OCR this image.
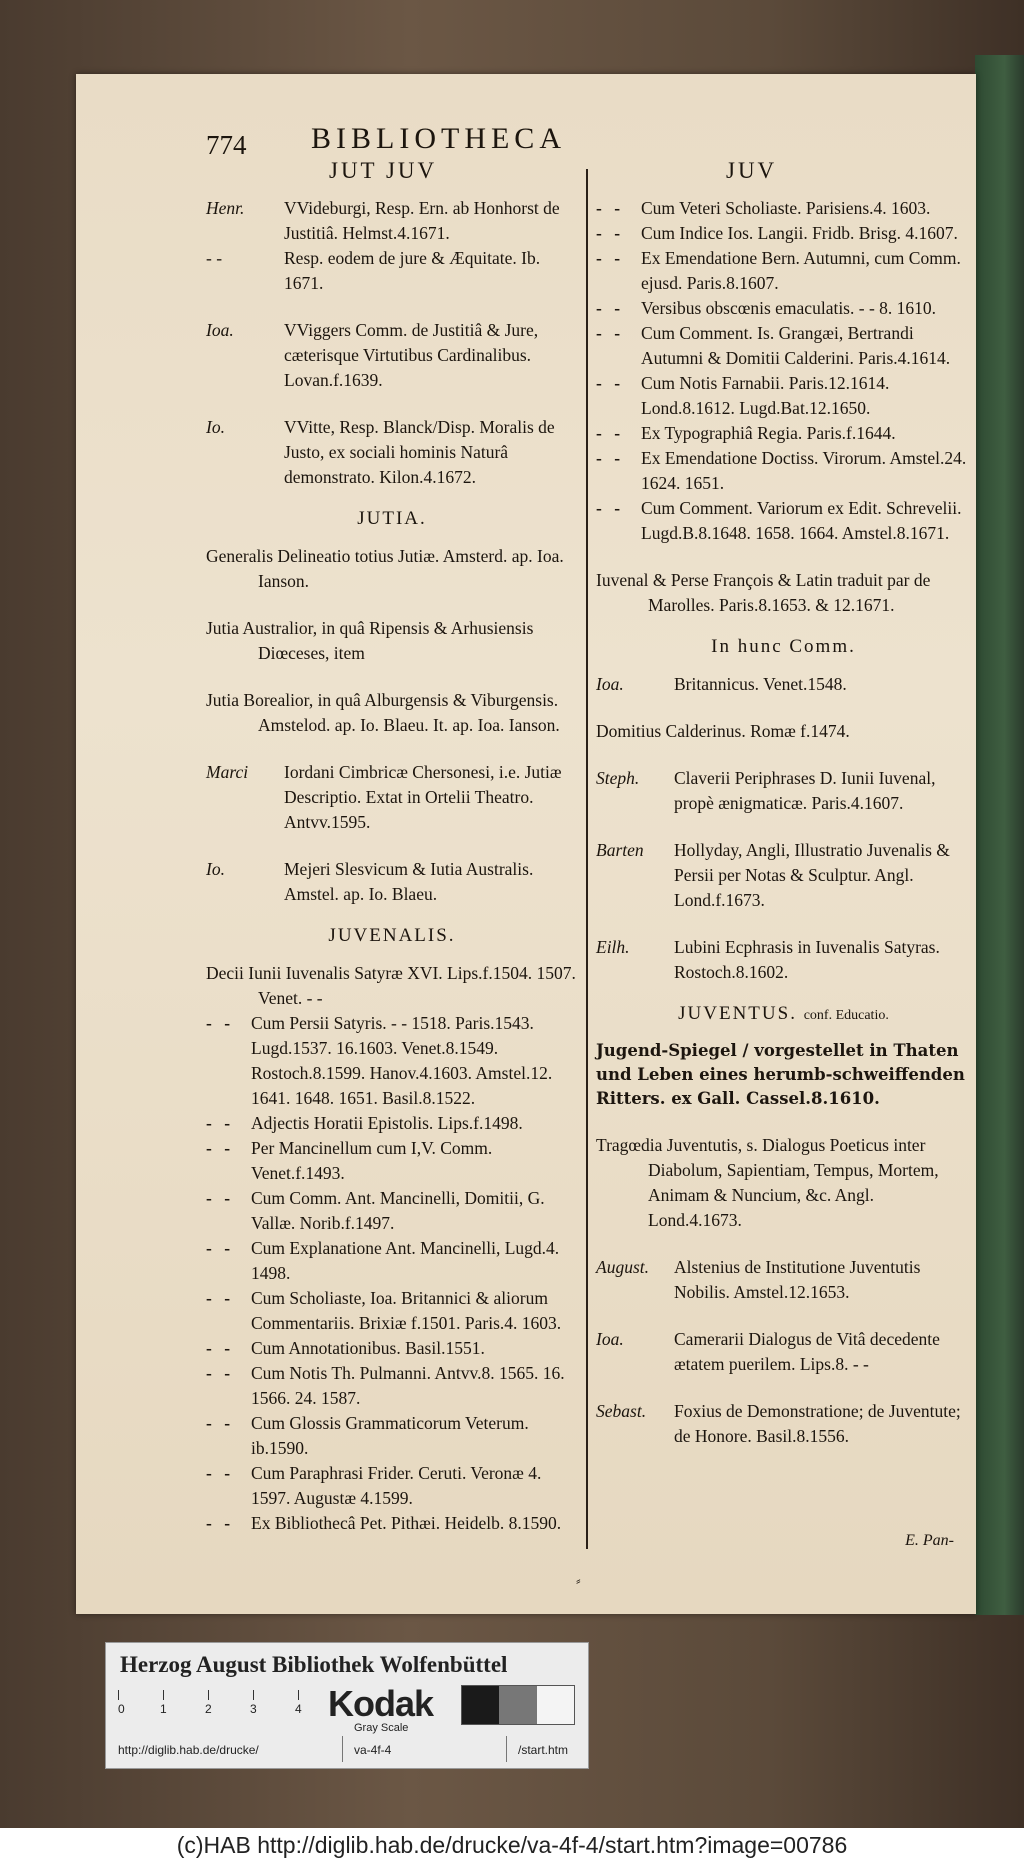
774 BIBLIOTHECA
JUT JUV	JUV
Henr.	VVideburgi, Resp. Ern. ab Honhorst de Justitiâ. Helmst.4.1671.
- -	Resp. eodem de jure & Æquitate. Ib. 1671.
Ioa.	VViggers Comm. de Justitiâ & Jure, cæterisque Virtutibus Cardinalibus. Lovan.f.1639.
Io.	VVitte, Resp. Blanck/Disp. Moralis de Justo, ex sociali hominis Naturâ demonstrato. Kilon.4.1672.
JUTIA.
Generalis Delineatio totius Jutiæ. Amsterd. ap. Ioa. Ianson.
Jutia Australior, in quâ Ripensis & Arhusiensis Diœceses, item
Jutia Borealior, in quâ Alburgensis & Viburgensis. Amstelod. ap. Io. Blaeu. It. ap. Ioa. Ianson.
Marci	Iordani Cimbricæ Chersonesi, i.e. Jutiæ Descriptio. Extat in Ortelii Theatro. Antvv.1595.
Io.	Mejeri Slesvicum & Iutia Australis. Amstel. ap. Io. Blaeu.
JUVENALIS.
Decii Iunii Iuvenalis Satyræ XVI. Lips.f.1504. 1507. Venet. - -
- - Cum Persii Satyris. - - 1518. Paris.1543. Lugd.1537. 16.1603. Venet.8.1549. Rostoch.8.1599. Hanov.4.1603. Amstel.12. 1641. 1648. 1651. Basil.8.1522.
- - Adjectis Horatii Epistolis. Lips.f.1498.
- - Per Mancinellum cum I,V. Comm. Venet.f.1493.
- - Cum Comm. Ant. Mancinelli, Domitii, G. Vallæ. Norib.f.1497.
- - Cum Explanatione Ant. Mancinelli, Lugd.4. 1498.
- - Cum Scholiaste, Ioa. Britannici & aliorum Commentariis. Brixiæ f.1501. Paris.4. 1603.
- - Cum Annotationibus. Basil.1551.
- - Cum Notis Th. Pulmanni. Antvv.8. 1565. 16. 1566. 24. 1587.
- - Cum Glossis Grammaticorum Veterum. ib.1590.
- - Cum Paraphrasi Frider. Ceruti. Veronæ 4. 1597. Augustæ 4.1599.
- - Ex Bibliothecâ Pet. Pithæi. Heidelb. 8.1590.
- - Cum Veteri Scholiaste. Parisiens.4. 1603.
- - Cum Indice Ios. Langii. Fridb. Brisg. 4.1607.
- - Ex Emendatione Bern. Autumni, cum Comm. ejusd. Paris.8.1607.
- - Versibus obscœnis emaculatis. - - 8. 1610.
- - Cum Comment. Is. Grangæi, Bertrandi Autumni & Domitii Calderini. Paris.4.1614.
- - Cum Notis Farnabii. Paris.12.1614. Lond.8.1612. Lugd.Bat.12.1650.
- - Ex Typographiâ Regia. Paris.f.1644.
- - Ex Emendatione Doctiss. Virorum. Amstel.24. 1624. 1651.
- - Cum Comment. Variorum ex Edit. Schrevelii. Lugd.B.8.1648. 1658. 1664. Amstel.8.1671.
Iuvenal & Perse François & Latin traduit par de Marolles. Paris.8.1653. & 12.1671.
In hunc Comm.
Ioa.	Britannicus. Venet.1548.
Domitius Calderinus. Romæ f.1474.
Steph.	Claverii Periphrases D. Iunii Iuvenal, propè ænigmaticæ. Paris.4.1607.
Barten	Hollyday, Angli, Illustratio Juvenalis & Persii per Notas & Sculptur. Angl. Lond.f.1673.
Eilh.	Lubini Ecphrasis in Iuvenalis Satyras. Rostoch.8.1602.
JUVENTUS. conf. Educatio.
Jugend-Spiegel / vorgestellet in Thaten und Leben eines herumb-schweiffenden Ritters. ex Gall. Cassel.8.1610.
Tragœdia Juventutis, s. Dialogus Poeticus inter Diabolum, Sapientiam, Tempus, Mortem, Animam & Nuncium, &c. Angl. Lond.4.1673.
August.	Alstenius de Institutione Juventutis Nobilis. Amstel.12.1653.
Ioa.	Camerarii Dialogus de Vitâ decedente ætatem puerilem. Lips.8. - -
Sebast.	Foxius de Demonstratione; de Juventute; de Honore. Basil.8.1556.
E. Pan-
⸗
Herzog August Bibliothek Wolfenbüttel
0	1	2	3	4 Kodak
Gray Scale
http://diglib.hab.de/drucke/	va-4f-4	/start.htm
(c)HAB http://diglib.hab.de/drucke/va-4f-4/start.htm?image=00786
